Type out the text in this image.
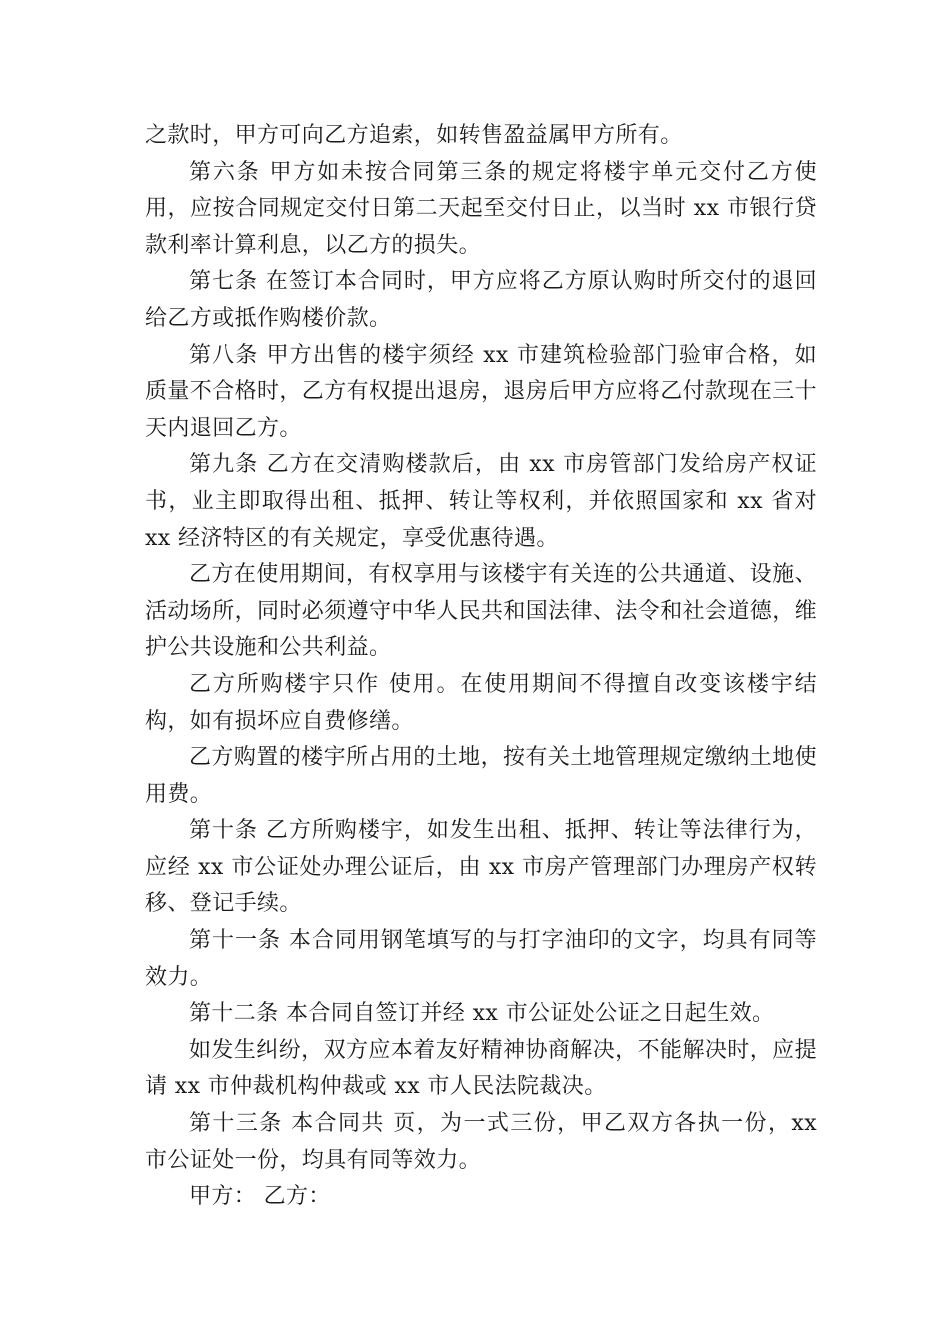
之款时，甲方可向乙方追索，如转售盈益属甲方所有。

第六条 甲方如未按合同第三条的规定将楼宇单元交付乙方使用，应按合同规定交付日第二天起至交付日止，以当时 xx 市银行贷款利率计算利息，以乙方的损失。

第七条 在签订本合同时，甲方应将乙方原认购时所交付的退回给乙方或抵作购楼价款。

第八条 甲方出售的楼宇须经 xx 市建筑检验部门验审合格，如质量不合格时，乙方有权提出退房，退房后甲方应将乙付款现在三十天内退回乙方。

第九条 乙方在交清购楼款后，由 xx 市房管部门发给房产权证书，业主即取得出租、抵押、转让等权利，并依照国家和 xx 省对 xx 经济特区的有关规定，享受优惠待遇。

乙方在使用期间，有权享用与该楼宇有关连的公共通道、设施、活动场所，同时必须遵守中华人民共和国法律、法令和社会道德，维护公共设施和公共利益。

乙方所购楼宇只作 使用。在使用期间不得擅自改变该楼宇结构，如有损坏应自费修缮。

乙方购置的楼宇所占用的土地，按有关土地管理规定缴纳土地使用费。

第十条 乙方所购楼宇，如发生出租、抵押、转让等法律行为，应经 xx 市公证处办理公证后，由 xx 市房产管理部门办理房产权转移、登记手续。

第十一条 本合同用钢笔填写的与打字油印的文字，均具有同等效力。

第十二条 本合同自签订并经 xx 市公证处公证之日起生效。

如发生纠纷，双方应本着友好精神协商解决，不能解决时，应提请 xx 市仲裁机构仲裁或 xx 市人民法院裁决。

第十三条 本合同共 页，为一式三份，甲乙双方各执一份，xx 市公证处一份，均具有同等效力。

甲方： 乙方：
